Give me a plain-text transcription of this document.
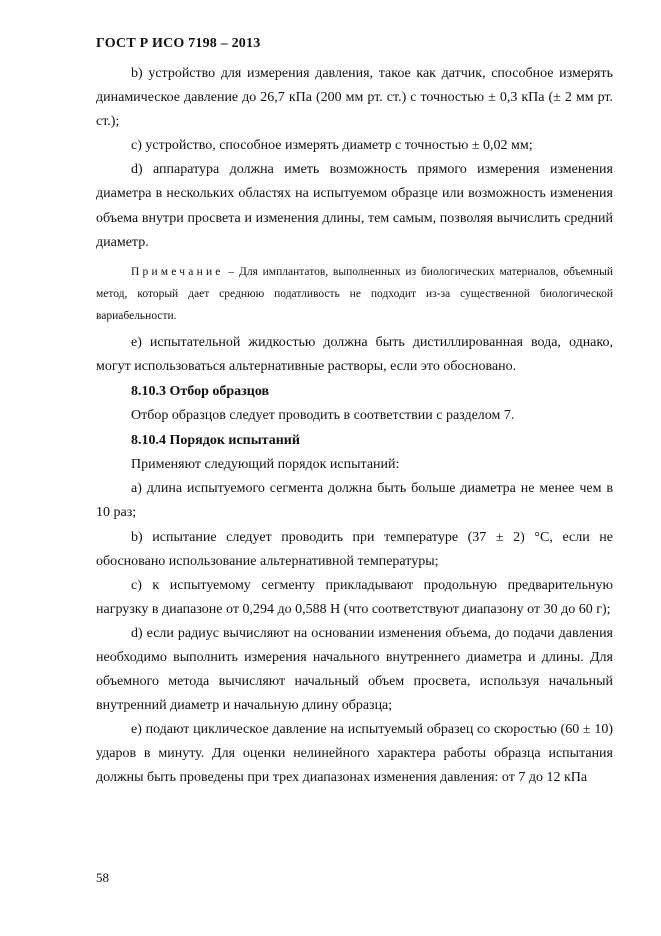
ГОСТ Р ИСО 7198 – 2013

b) устройство для измерения давления, такое как датчик, способное измерять динамическое давление до 26,7 кПа (200 мм рт. ст.) с точностью ± 0,3 кПа (± 2 мм рт. ст.);

c) устройство, способное измерять диаметр с точностью ± 0,02 мм;

d) аппаратура должна иметь возможность прямого измерения изменения диаметра в нескольких областях на испытуемом образце или возможность изменения объема внутри просвета и изменения длины, тем самым, позволяя вычислить средний диаметр.

Примечание – Для имплантатов, выполненных из биологических материалов, объемный метод, который дает среднюю податливость не подходит из-за существенной биологической вариабельности.

e) испытательной жидкостью должна быть дистиллированная вода, однако, могут использоваться альтернативные растворы, если это обосновано.

8.10.3 Отбор образцов

Отбор образцов следует проводить в соответствии с разделом 7.

8.10.4 Порядок испытаний

Применяют следующий порядок испытаний:

a) длина испытуемого сегмента должна быть больше диаметра не менее чем в 10 раз;

b) испытание следует проводить при температуре (37 ± 2) °С, если не обосновано использование альтернативной температуры;

c) к испытуемому сегменту прикладывают продольную предварительную нагрузку в диапазоне от 0,294 до 0,588 Н (что соответствуют диапазону от 30 до 60 г);

d) если радиус вычисляют на основании изменения объема, до подачи давления необходимо выполнить измерения начального внутреннего диаметра и длины. Для объемного метода вычисляют начальный объем просвета, используя начальный внутренний диаметр и начальную длину образца;

e) подают циклическое давление на испытуемый образец со скоростью (60 ± 10) ударов в минуту. Для оценки нелинейного характера работы образца испытания должны быть проведены при трех диапазонах изменения давления: от 7 до 12 кПа

58
